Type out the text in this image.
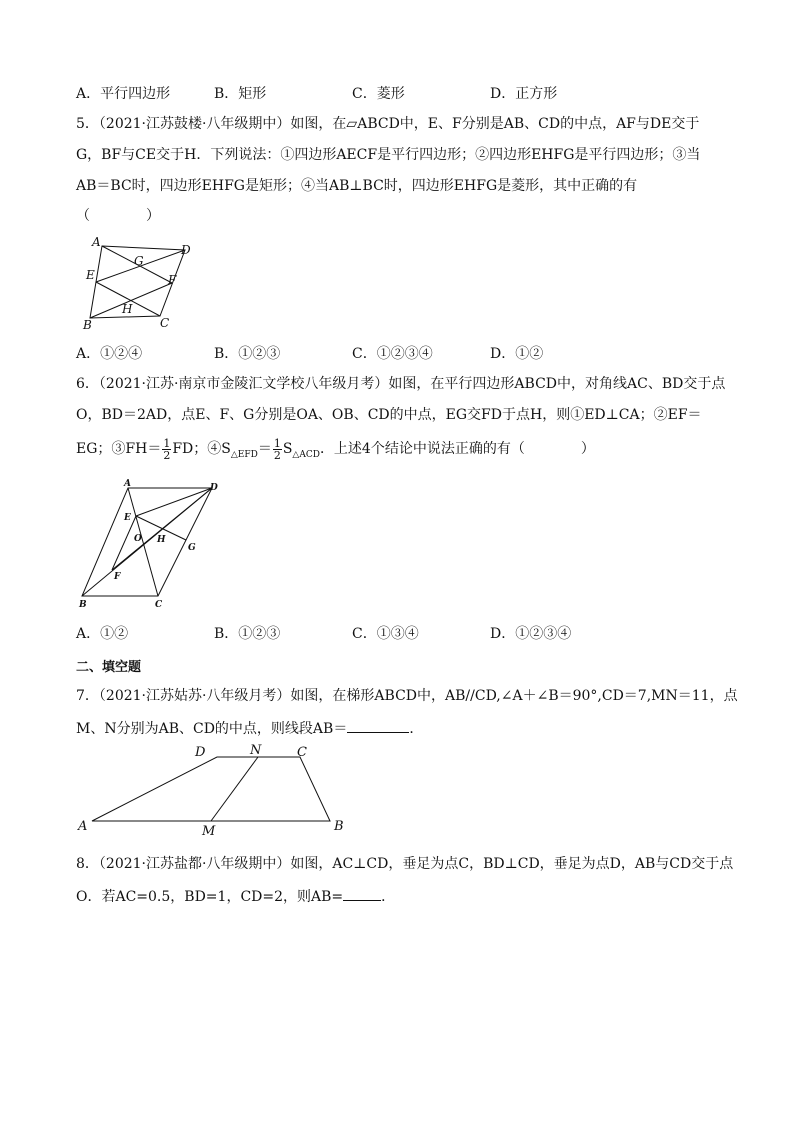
A．平行四边形	B．矩形	C．菱形	D．正方形
5．（2021·江苏鼓楼·八年级期中）如图，在▱ABCD中，E、F分别是AB、CD的中点，AF与DE交于
G，BF与CE交于H．下列说法：①四边形AECF是平行四边形；②四边形EHFG是平行四边形；③当
AB＝BC时，四边形EHFG是矩形；④当AB⊥BC时，四边形EHFG是菱形，其中正确的有
（　　　　）
A
D
E
G
F
H
B	C
A．①②④	B．①②③	C．①②③④	D．①②
6．（2021·江苏·南京市金陵汇文学校八年级月考）如图，在平行四边形ABCD中，对角线AC、BD交于点
O，BD＝2AD，点E、F、G分别是OA、OB、CD的中点，EG交FD于点H，则①ED⊥CA；②EF＝
EG；③FH＝ $\frac{1}{2}$ FD；$④S_{\triangle EFD}= \frac{1}{2} S_{\triangle ACD}$．上述4个结论中说法正确的有（　　　　）
A	D
E
O H
G
F
B	C
A．①②	B．①②③	C．①③④	D．①②③④
二、填空题
7．（2021·江苏姑苏·八年级月考）如图，在梯形ABCD中，AB//CD,∠A＋∠B＝90°,CD＝7,MN＝11，点
M、N分别为AB、CD的中点，则线段AB＝	．
D	N	C
A	M	B
8．（2021·江苏盐都·八年级期中）如图，AC⊥CD，垂足为点C，BD⊥CD，垂足为点D，AB与CD交于点
O．若AC=0.5，BD=1，CD=2，则AB=	．
